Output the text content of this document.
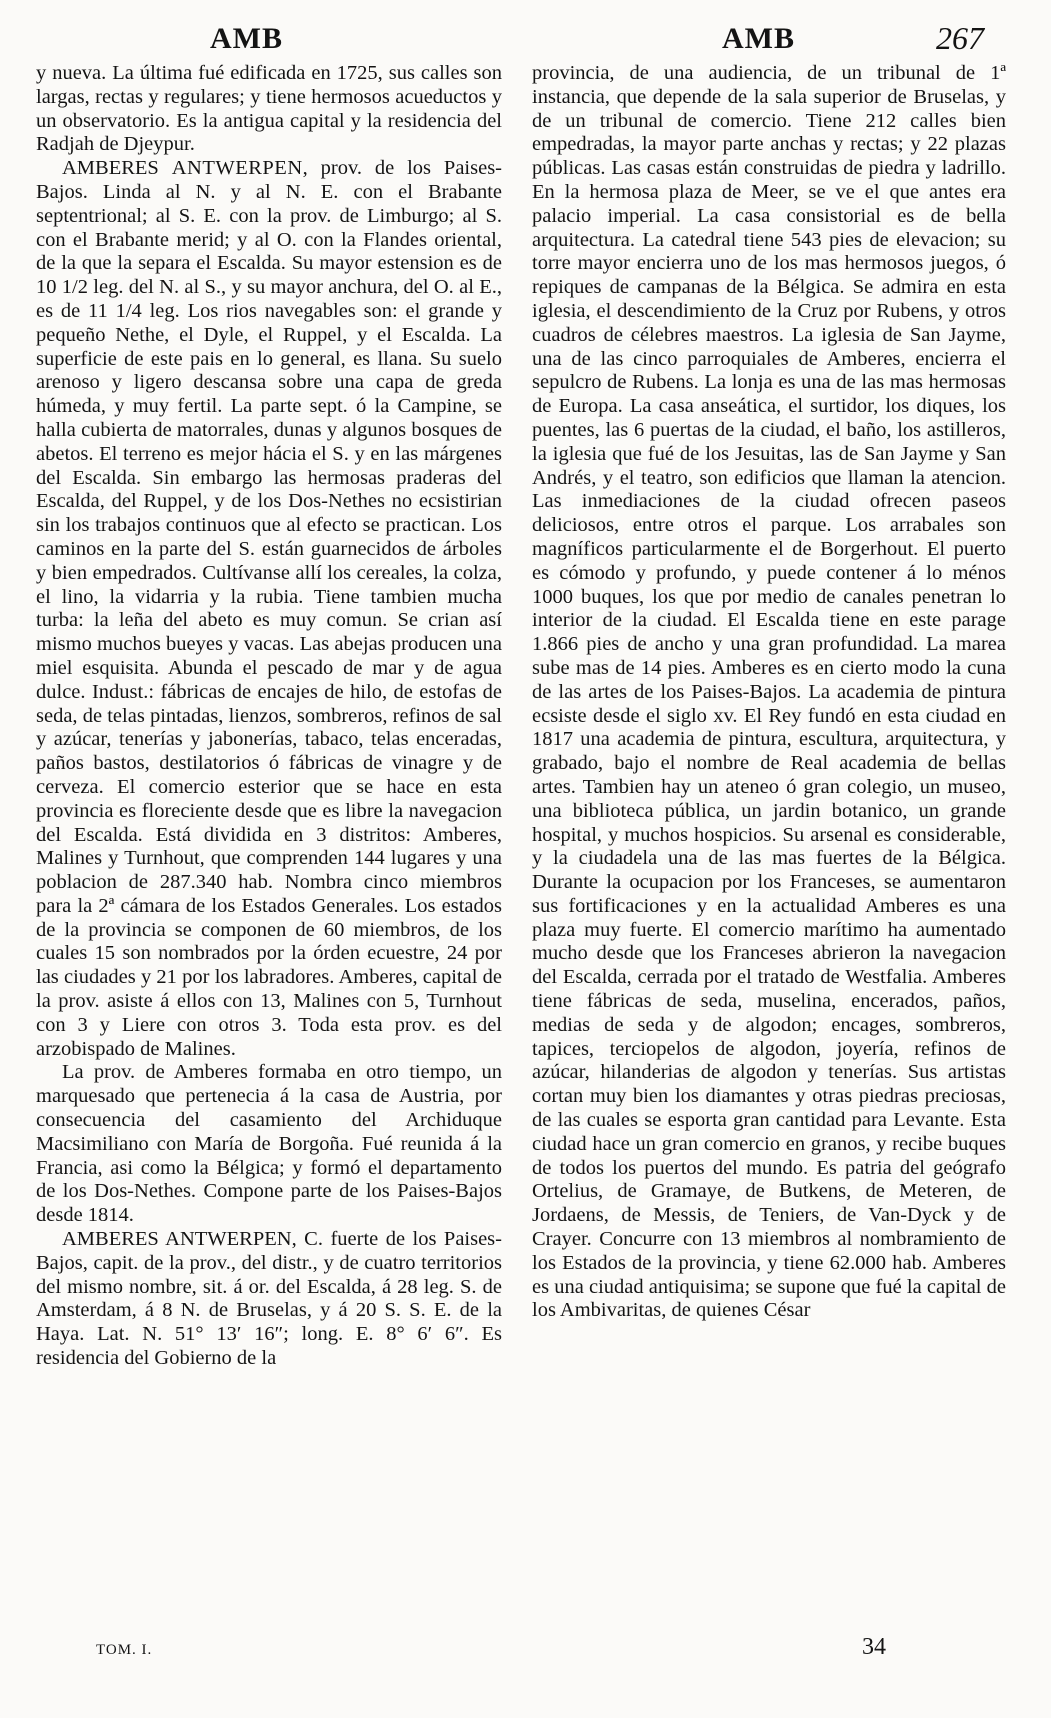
AMB	AMB	267

y nueva. La última fué edificada en 1725, sus calles son largas, rectas y regulares; y tiene hermosos acueductos y un observatorio. Es la antigua capital y la residencia del Radjah de Djeypur.

AMBERES ANTWERPEN, prov. de los Paises-Bajos. Linda al N. y al N. E. con el Brabante septentrional; al S. E. con la prov. de Limburgo; al S. con el Brabante merid; y al O. con la Flandes oriental, de la que la separa el Escalda. Su mayor estension es de 10 1/2 leg. del N. al S., y su mayor anchura, del O. al E., es de 11 1/4 leg. Los rios navegables son: el grande y pequeño Nethe, el Dyle, el Ruppel, y el Escalda. La superficie de este pais en lo general, es llana. Su suelo arenoso y ligero descansa sobre una capa de greda húmeda, y muy fertil. La parte sept. ó la Campine, se halla cubierta de matorrales, dunas y algunos bosques de abetos. El terreno es mejor hácia el S. y en las márgenes del Escalda. Sin embargo las hermosas praderas del Escalda, del Ruppel, y de los Dos-Nethes no ecsistirian sin los trabajos continuos que al efecto se practican. Los caminos en la parte del S. están guarnecidos de árboles y bien empedrados. Cultívanse allí los cereales, la colza, el lino, la vidarria y la rubia. Tiene tambien mucha turba: la leña del abeto es muy comun. Se crian así mismo muchos bueyes y vacas. Las abejas producen una miel esquisita. Abunda el pescado de mar y de agua dulce. Indust.: fábricas de encajes de hilo, de estofas de seda, de telas pintadas, lienzos, sombreros, refinos de sal y azúcar, tenerías y jabonerías, tabaco, telas enceradas, paños bastos, destilatorios ó fábricas de vinagre y de cerveza. El comercio esterior que se hace en esta provincia es floreciente desde que es libre la navegacion del Escalda. Está dividida en 3 distritos: Amberes, Malines y Turnhout, que comprenden 144 lugares y una poblacion de 287.340 hab. Nombra cinco miembros para la 2ª cámara de los Estados Generales. Los estados de la provincia se componen de 60 miembros, de los cuales 15 son nombrados por la órden ecuestre, 24 por las ciudades y 21 por los labradores. Amberes, capital de la prov. asiste á ellos con 13, Malines con 5, Turnhout con 3 y Liere con otros 3. Toda esta prov. es del arzobispado de Malines.

La prov. de Amberes formaba en otro tiempo, un marquesado que pertenecia á la casa de Austria, por consecuencia del casamiento del Archiduque Macsimiliano con María de Borgoña. Fué reunida á la Francia, asi como la Bélgica; y formó el departamento de los Dos-Nethes. Compone parte de los Paises-Bajos desde 1814.

AMBERES ANTWERPEN, C. fuerte de los Paises-Bajos, capit. de la prov., del distr., y de cuatro territorios del mismo nombre, sit. á or. del Escalda, á 28 leg. S. de Amsterdam, á 8 N. de Bruselas, y á 20 S. S. E. de la Haya. Lat. N. 51° 13′ 16″; long. E. 8° 6′ 6″. Es residencia del Gobierno de la

provincia, de una audiencia, de un tribunal de 1ª instancia, que depende de la sala superior de Bruselas, y de un tribunal de comercio. Tiene 212 calles bien empedradas, la mayor parte anchas y rectas; y 22 plazas públicas. Las casas están construidas de piedra y ladrillo. En la hermosa plaza de Meer, se ve el que antes era palacio imperial. La casa consistorial es de bella arquitectura. La catedral tiene 543 pies de elevacion; su torre mayor encierra uno de los mas hermosos juegos, ó repiques de campanas de la Bélgica. Se admira en esta iglesia, el descendimiento de la Cruz por Rubens, y otros cuadros de célebres maestros. La iglesia de San Jayme, una de las cinco parroquiales de Amberes, encierra el sepulcro de Rubens. La lonja es una de las mas hermosas de Europa. La casa anseática, el surtidor, los diques, los puentes, las 6 puertas de la ciudad, el baño, los astilleros, la iglesia que fué de los Jesuitas, las de San Jayme y San Andrés, y el teatro, son edificios que llaman la atencion. Las inmediaciones de la ciudad ofrecen paseos deliciosos, entre otros el parque. Los arrabales son magníficos particularmente el de Borgerhout. El puerto es cómodo y profundo, y puede contener á lo ménos 1000 buques, los que por medio de canales penetran lo interior de la ciudad. El Escalda tiene en este parage 1.866 pies de ancho y una gran profundidad. La marea sube mas de 14 pies. Amberes es en cierto modo la cuna de las artes de los Paises-Bajos. La academia de pintura ecsiste desde el siglo xv. El Rey fundó en esta ciudad en 1817 una academia de pintura, escultura, arquitectura, y grabado, bajo el nombre de Real academia de bellas artes. Tambien hay un ateneo ó gran colegio, un museo, una biblioteca pública, un jardin botanico, un grande hospital, y muchos hospicios. Su arsenal es considerable, y la ciudadela una de las mas fuertes de la Bélgica. Durante la ocupacion por los Franceses, se aumentaron sus fortificaciones y en la actualidad Amberes es una plaza muy fuerte. El comercio marítimo ha aumentado mucho desde que los Franceses abrieron la navegacion del Escalda, cerrada por el tratado de Westfalia. Amberes tiene fábricas de seda, muselina, encerados, paños, medias de seda y de algodon; encages, sombreros, tapices, terciopelos de algodon, joyería, refinos de azúcar, hilanderias de algodon y tenerías. Sus artistas cortan muy bien los diamantes y otras piedras preciosas, de las cuales se esporta gran cantidad para Levante. Esta ciudad hace un gran comercio en granos, y recibe buques de todos los puertos del mundo. Es patria del geógrafo Ortelius, de Gramaye, de Butkens, de Meteren, de Jordaens, de Messis, de Teniers, de Van-Dyck y de Crayer. Concurre con 13 miembros al nombramiento de los Estados de la provincia, y tiene 62.000 hab. Amberes es una ciudad antiquisima; se supone que fué la capital de los Ambivaritas, de quienes César

TOM. I.	34
